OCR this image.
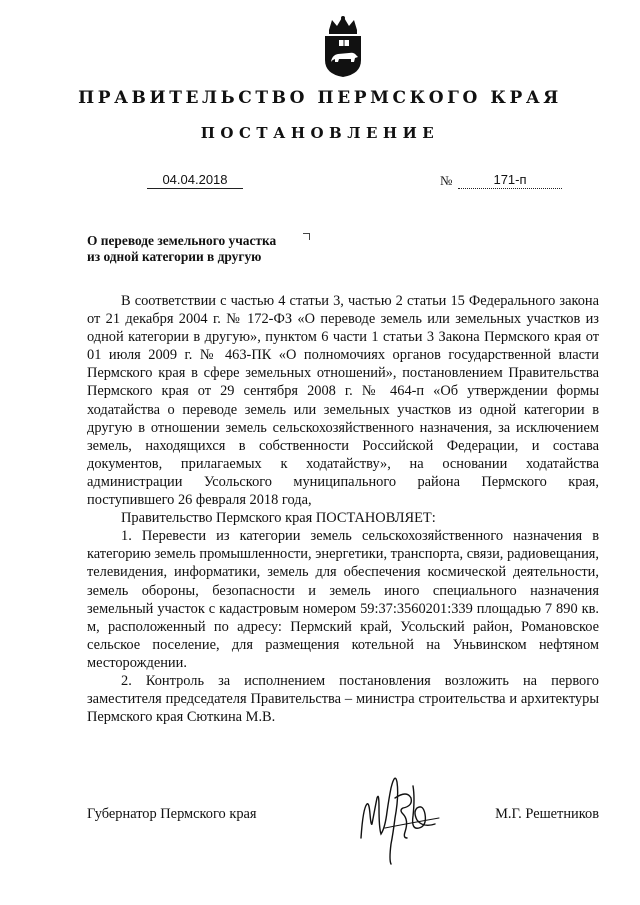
ПРАВИТЕЛЬСТВО ПЕРМСКОГО КРАЯ
ПОСТАНОВЛЕНИЕ
04.04.2018	№	171-п
О переводе земельного участка
из одной категории в другую

В соответствии с частью 4 статьи 3, частью 2 статьи 15 Федерального закона от 21 декабря 2004 г. № 172-ФЗ «О переводе земель или земельных участков из одной категории в другую», пунктом 6 части 1 статьи 3 Закона Пермского края от 01 июля 2009 г. № 463-ПК «О полномочиях органов государственной власти Пермского края в сфере земельных отношений», постановлением Правительства Пермского края от 29 сентября 2008 г. № 464-п «Об утверждении формы ходатайства о переводе земель или земельных участков из одной категории в другую в отношении земель сельскохозяйственного назначения, за исключением земель, находящихся в собственности Российской Федерации, и состава документов, прилагаемых к ходатайству», на основании ходатайства администрации Усольского муниципального района Пермского края, поступившего 26 февраля 2018 года,

Правительство Пермского края ПОСТАНОВЛЯЕТ:

1. Перевести из категории земель сельскохозяйственного назначения в категорию земель промышленности, энергетики, транспорта, связи, радиовещания, телевидения, информатики, земель для обеспечения космической деятельности, земель обороны, безопасности и земель иного специального назначения земельный участок с кадастровым номером 59:37:3560201:339 площадью 7 890 кв. м, расположенный по адресу: Пермский край, Усольский район, Романовское сельское поселение, для размещения котельной на Уньвинском нефтяном месторождении.

2. Контроль за исполнением постановления возложить на первого заместителя председателя Правительства – министра строительства и архитектуры Пермского края Сюткина М.В.

Губернатор Пермского края	М.Г. Решетников
